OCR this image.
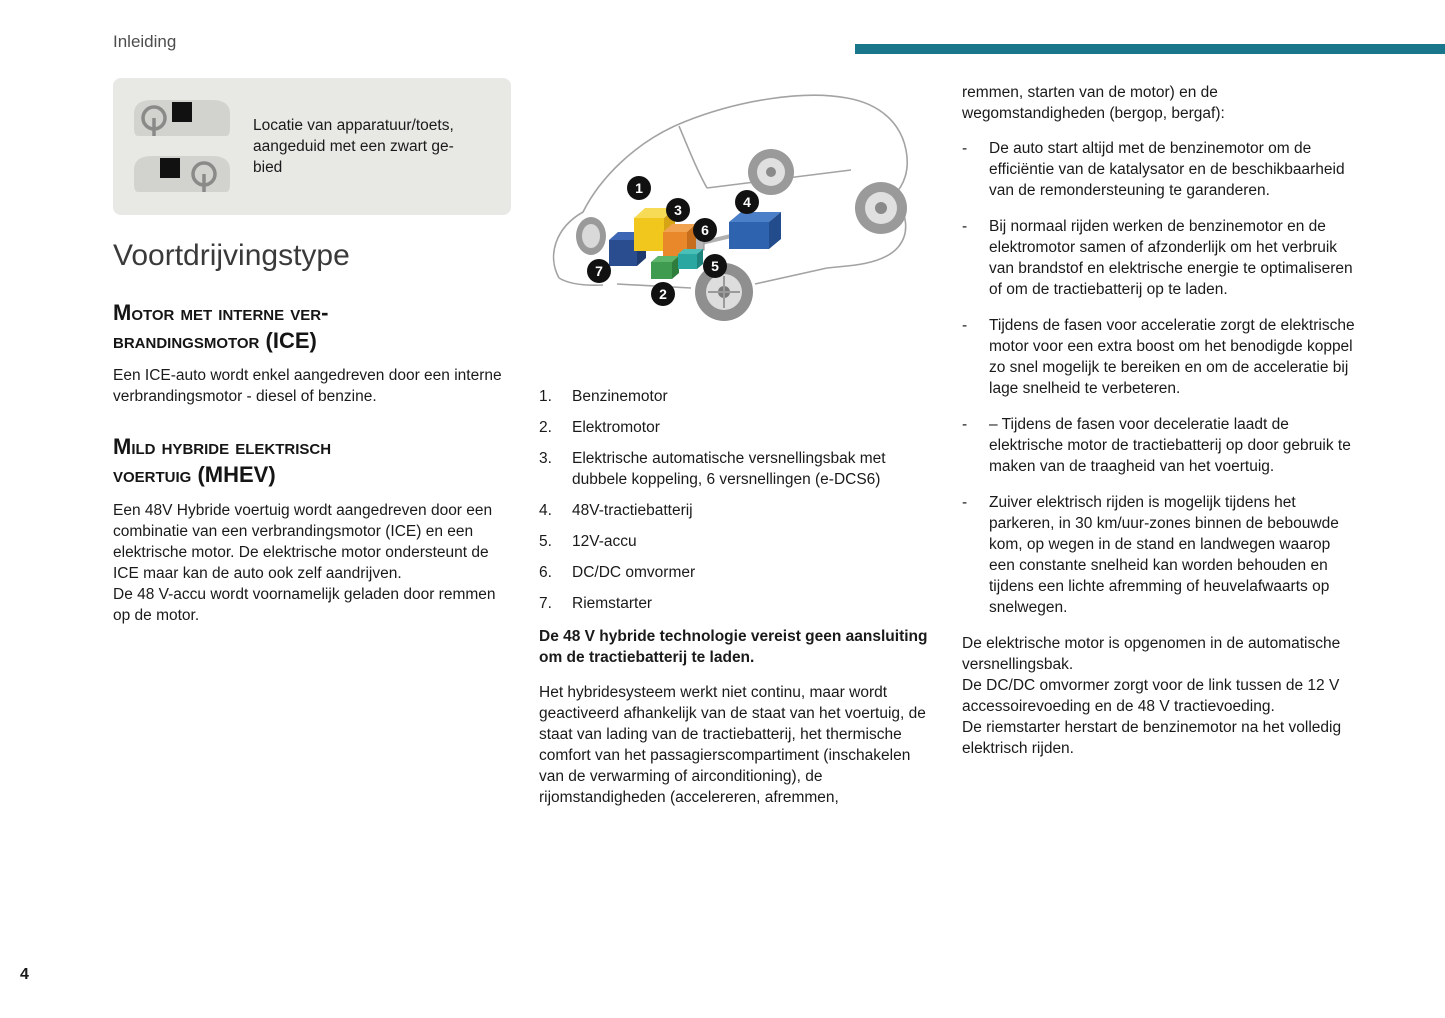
Inleiding
Locatie van apparatuur/toets,
aangeduid met een zwart ge-
bied
Voortdrijvingstype
Motor met interne ver-
brandingsmotor (ICE)

Een ICE-auto wordt enkel aangedreven door een interne verbrandingsmotor - diesel of benzine.

Mild hybride elektrisch
voertuig (MHEV)

Een 48V Hybride voertuig wordt aangedreven door een combinatie van een verbrandingsmotor (ICE) en een elektrische motor. De elektrische motor ondersteunt de ICE maar kan de auto ook zelf aandrijven.

De 48 V-accu wordt voornamelijk geladen door remmen op de motor.

1
2
3	4
5
6
7
1.	Benzinemotor
2.	Elektromotor
3.	Elektrische automatische versnellingsbak met dubbele koppeling, 6 versnellingen (e-DCS6)
4.	48V-tractiebatterij
5.	12V-accu
6.	DC/DC omvormer
7.	Riemstarter

De 48 V hybride technologie vereist geen aansluiting om de tractiebatterij te laden.

Het hybridesysteem werkt niet continu, maar wordt geactiveerd afhankelijk van de staat van het voertuig, de staat van lading van de tractiebatterij, het thermische comfort van het passagierscompartiment (inschakelen van de verwarming of airconditioning), de rijomstandigheden (accelereren, afremmen,

remmen, starten van de motor) en de wegomstandigheden (bergop, bergaf):

-	De auto start altijd met de benzinemotor om de efficiëntie van de katalysator en de beschikbaarheid van de remondersteuning te garanderen.
-	Bij normaal rijden werken de benzinemotor en de elektromotor samen of afzonderlijk om het verbruik van brandstof en elektrische energie te optimaliseren of om de tractiebatterij op te laden.
-	Tijdens de fasen voor acceleratie zorgt de elektrische motor voor een extra boost om het benodigde koppel zo snel mogelijk te bereiken en om de acceleratie bij lage snelheid te verbeteren.
-	– Tijdens de fasen voor deceleratie laadt de elektrische motor de tractiebatterij op door gebruik te maken van de traagheid van het voertuig.
-	Zuiver elektrisch rijden is mogelijk tijdens het parkeren, in 30 km/uur-zones binnen de bebouwde kom, op wegen in de stand en landwegen waarop een constante snelheid kan worden behouden en tijdens een lichte afremming of heuvelafwaarts op snelwegen.
De elektrische motor is opgenomen in de automatische versnellingsbak.
De DC/DC omvormer zorgt voor de link tussen de 12 V accessoirevoeding en de 48 V tractievoeding.
De riemstarter herstart de benzinemotor na het volledig elektrisch rijden.
4
